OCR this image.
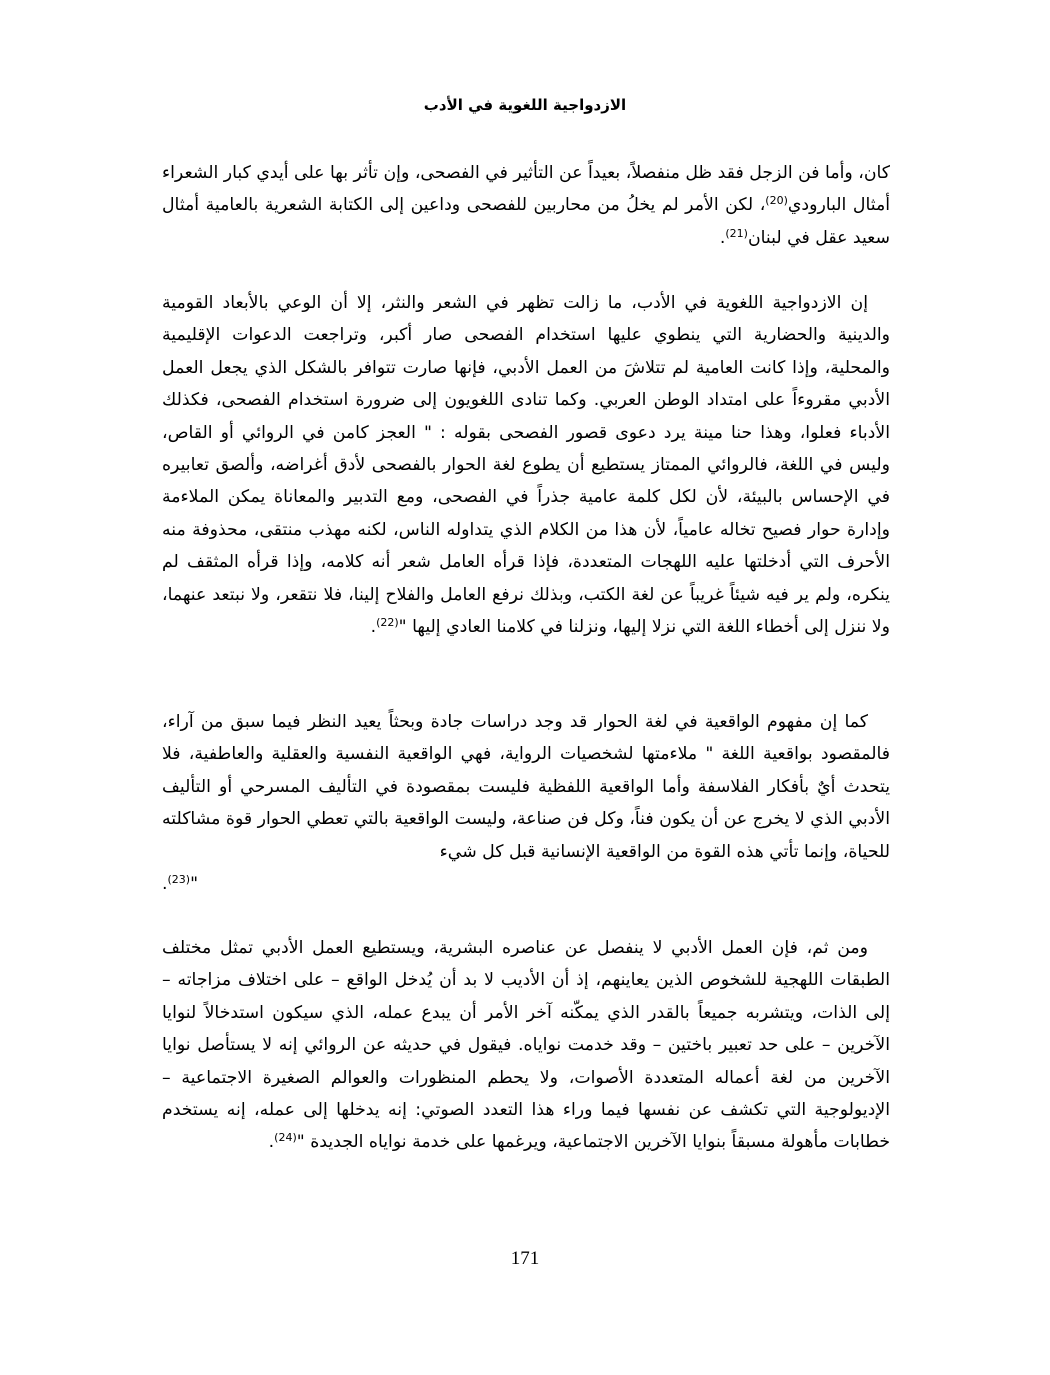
الازدواجية اللغوية في الأدب

كان، وأما فن الزجل فقد ظل منفصلاً، بعيداً عن التأثير في الفصحى، وإن تأثر بها على أيدي كبار الشعراء أمثال البارودي$^{(20)}$، لكن الأمر لم يخلُ من محاربين للفصحى وداعين إلى الكتابة الشعرية بالعامية أمثال سعيد عقل في لبنان$^{(21)}$.

إن الازدواجية اللغوية في الأدب، ما زالت تظهر في الشعر والنثر، إلا أن الوعي بالأبعاد القومية والدينية والحضارية التي ينطوي عليها استخدام الفصحى صار أكبر، وتراجعت الدعوات الإقليمية والمحلية، وإذا كانت العامية لم تتلاشَ من العمل الأدبي، فإنها صارت تتوافر بالشكل الذي يجعل العمل الأدبي مقروءاً على امتداد الوطن العربي. وكما تنادى اللغويون إلى ضرورة استخدام الفصحى، فكذلك الأدباء فعلوا، وهذا حنا مينة يرد دعوى قصور الفصحى بقوله : " العجز كامن في الروائي أو القاص، وليس في اللغة، فالروائي الممتاز يستطيع أن يطوع لغة الحوار بالفصحى لأدق أغراضه، وألصق تعابيره في الإحساس بالبيئة، لأن لكل كلمة عامية جذراً في الفصحى، ومع التدبير والمعاناة يمكن الملاءمة وإدارة حوار فصيح تخاله عامياً، لأن هذا من الكلام الذي يتداوله الناس، لكنه مهذب منتقى، محذوفة منه الأحرف التي أدخلتها عليه اللهجات المتعددة، فإذا قرأه العامل شعر أنه كلامه، وإذا قرأه المثقف لم ينكره، ولم ير فيه شيئاً غريباً عن لغة الكتب، وبذلك نرفع العامل والفلاح إلينا، فلا نتقعر، ولا نبتعد عنهما، ولا ننزل إلى أخطاء اللغة التي نزلا إليها، ونزلنا في كلامنا العادي إليها "$^{(22)}$.

كما إن مفهوم الواقعية في لغة الحوار قد وجد دراسات جادة وبحثاً يعيد النظر فيما سبق من آراء، فالمقصود بواقعية اللغة " ملاءمتها لشخصيات الرواية، فهي الواقعية النفسية والعقلية والعاطفية، فلا يتحدث أيٌ بأفكار الفلاسفة وأما الواقعية اللفظية فليست بمقصودة في التأليف المسرحي أو التأليف الأدبي الذي لا يخرج عن أن يكون فناً، وكل فن صناعة، وليست الواقعية بالتي تعطي الحوار قوة مشاكلته للحياة، وإنما تأتي هذه القوة من الواقعية الإنسانية قبل كل شيء
"$^{(23)}$.

ومن ثم، فإن العمل الأدبي لا ينفصل عن عناصره البشرية، ويستطيع العمل الأدبي تمثل مختلف الطبقات اللهجية للشخوص الذين يعاينهم، إذ أن الأديب لا بد أن يُدخل الواقع – على اختلاف مزاجاته – إلى الذات، ويتشربه جميعاً بالقدر الذي يمكّنه آخر الأمر أن يبدع عمله، الذي سيكون استدخالاً لنوايا الآخرين – على حد تعبير باختين – وقد خدمت نواياه. فيقول في حديثه عن الروائي إنه لا يستأصل نوايا الآخرين من لغة أعماله المتعددة الأصوات، ولا يحطم المنظورات والعوالم الصغيرة الاجتماعية – الإديولوجية التي تكشف عن نفسها فيما وراء هذا التعدد الصوتي: إنه يدخلها إلى عمله، إنه يستخدم خطابات مأهولة مسبقاً بنوايا الآخرين الاجتماعية، ويرغمها على خدمة نواياه الجديدة "$^{(24)}$.

171
